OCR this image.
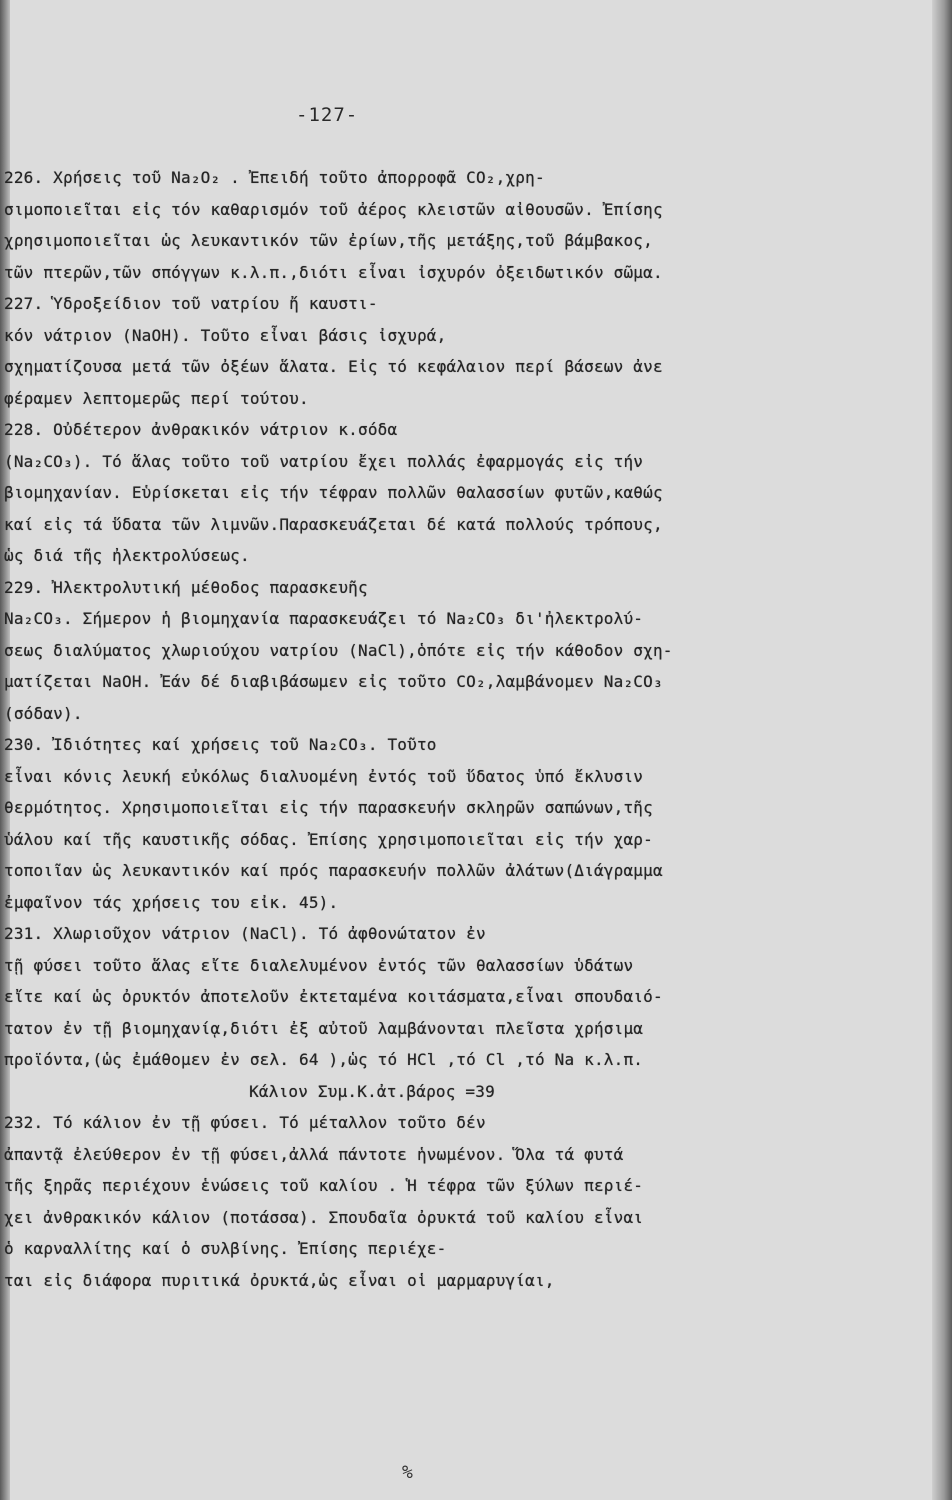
-127-
226. Χρήσεις τοῦ Na₂O₂ . Ἐπειδή τοῦτο ἀπορροφᾶ CO₂,χρη-
σιμοποιεῖται εἰς τόν καθαρισμόν τοῦ ἀέρος κλειστῶν αἰθουσῶν. Ἐπίσης
χρησιμοποιεῖται ὡς λευκαντικόν τῶν ἐρίων,τῆς μετάξης,τοῦ βάμβακος,
τῶν πτερῶν,τῶν σπόγγων κ.λ.π.,διότι εἶναι ἰσχυρόν ὀξειδωτικόν σῶμα.
227. Ὑδροξείδιον τοῦ νατρίου ἤ καυστι-
κόν νάτριον (NaOH). Τοῦτο εἶναι βάσις ἰσχυρά,
σχηματίζουσα μετά τῶν ὀξέων ἅλατα. Εἰς τό κεφάλαιον περί βάσεων ἀνε
φέραμεν λεπτομερῶς περί τούτου.
228. Οὐδέτερον ἀνθρακικόν νάτριον κ.σόδα
(Na₂CO₃). Τό ἅλας τοῦτο τοῦ νατρίου ἔχει πολλάς ἐφαρμογάς εἰς τήν
βιομηχανίαν. Εὑρίσκεται εἰς τήν τέφραν πολλῶν θαλασσίων φυτῶν,καθώς
καί εἰς τά ὕδατα τῶν λιμνῶν.Παρασκευάζεται δέ κατά πολλούς τρόπους,
ὡς διά τῆς ἠλεκτρολύσεως.
229. Ἠλεκτρολυτική μέθοδος παρασκευῆς
Na₂CO₃. Σήμερον ἡ βιομηχανία παρασκευάζει τό Na₂CO₃ δι'ἠλεκτρολύ-
σεως διαλύματος χλωριούχου νατρίου (NaCl),ὁπότε εἰς τήν κάθοδον σχη-
ματίζεται NaOH. Ἐάν δέ διαβιβάσωμεν εἰς τοῦτο CO₂,λαμβάνομεν Na₂CO₃
(σόδαν).
230. Ἰδιότητες καί χρήσεις τοῦ Na₂CO₃. Τοῦτο
εἶναι κόνις λευκή εὐκόλως διαλυομένη ἐντός τοῦ ὕδατος ὑπό ἔκλυσιν
θερμότητος. Χρησιμοποιεῖται εἰς τήν παρασκευήν σκληρῶν σαπώνων,τῆς
ὑάλου καί τῆς καυστικῆς σόδας. Ἐπίσης χρησιμοποιεῖται εἰς τήν χαρ-
τοποιῖαν ὡς λευκαντικόν καί πρός παρασκευήν πολλῶν ἀλάτων(Διάγραμμα
ἐμφαῖνον τάς χρήσεις του εἰκ. 45).
231. Χλωριοῦχον νάτριον (NaCl). Τό ἀφθονώτατον ἐν
τῇ φύσει τοῦτο ἅλας εἴτε διαλελυμένον ἐντός τῶν θαλασσίων ὑδάτων
εἴτε καί ὡς ὀρυκτόν ἀποτελοῦν ἐκτεταμένα κοιτάσματα,εἶναι σπουδαιό-
τατον ἐν τῇ βιομηχανίᾳ,διότι ἐξ αὐτοῦ λαμβάνονται πλεῖστα χρήσιμα
προϊόντα,(ὡς ἐμάθομεν ἐν σελ. 64 ),ὡς τό HCl ,τό Cl ,τό Na κ.λ.π.
Κάλιον Συμ.Κ.ἀτ.βάρος =39
232. Τό κάλιον ἐν τῇ φύσει. Τό μέταλλον τοῦτο δέν
ἀπαντᾷ ἐλεύθερον ἐν τῇ φύσει,ἀλλά πάντοτε ἡνωμένον. Ὅλα τά φυτά
τῆς ξηρᾶς περιέχουν ἑνώσεις τοῦ καλίου . Ἡ τέφρα τῶν ξύλων περιέ-
χει ἀνθρακικόν κάλιον (ποτάσσα). Σπουδαῖα ὀρυκτά τοῦ καλίου εἶναι
ὁ καρναλλίτης καί ὁ συλβίνης. Ἐπίσης περιέχε-
ται εἰς διάφορα πυριτικά ὀρυκτά,ὡς εἶναι οἱ μαρμαρυγίαι,
%
